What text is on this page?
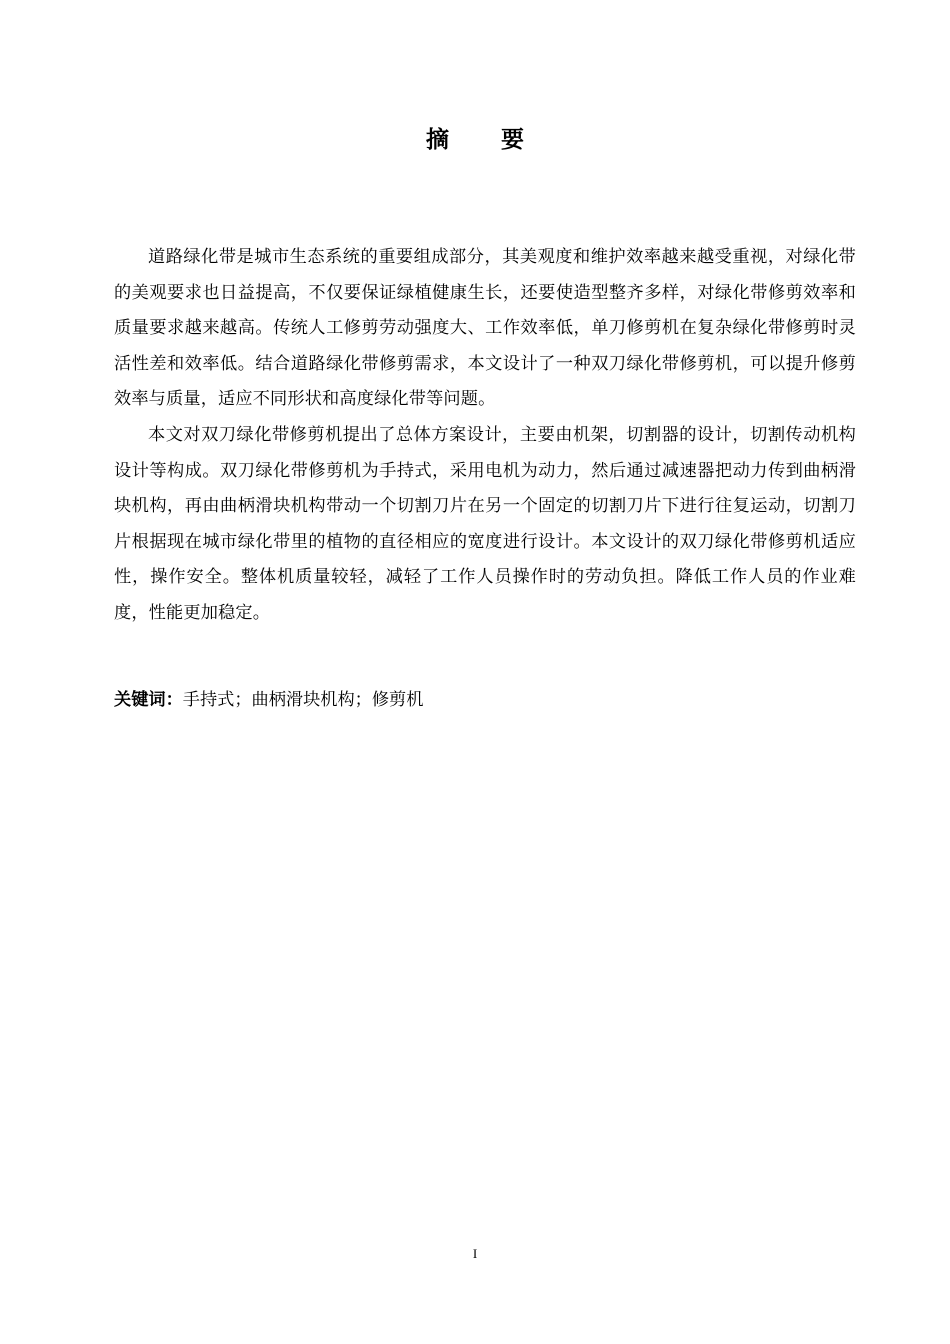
摘 要

道路绿化带是城市生态系统的重要组成部分，其美观度和维护效率越来越受重视，对绿化带的美观要求也日益提高，不仅要保证绿植健康生长，还要使造型整齐多样，对绿化带修剪效率和质量要求越来越高。传统人工修剪劳动强度大、工作效率低，单刀修剪机在复杂绿化带修剪时灵活性差和效率低。结合道路绿化带修剪需求，本文设计了一种双刀绿化带修剪机，可以提升修剪效率与质量，适应不同形状和高度绿化带等问题。

本文对双刀绿化带修剪机提出了总体方案设计，主要由机架，切割器的设计，切割传动机构设计等构成。双刀绿化带修剪机为手持式，采用电机为动力，然后通过减速器把动力传到曲柄滑块机构，再由曲柄滑块机构带动一个切割刀片在另一个固定的切割刀片下进行往复运动，切割刀片根据现在城市绿化带里的植物的直径相应的宽度进行设计。本文设计的双刀绿化带修剪机适应性，操作安全。整体机质量较轻，减轻了工作人员操作时的劳动负担。降低工作人员的作业难度，性能更加稳定。

关键词：手持式；曲柄滑块机构；修剪机

I
